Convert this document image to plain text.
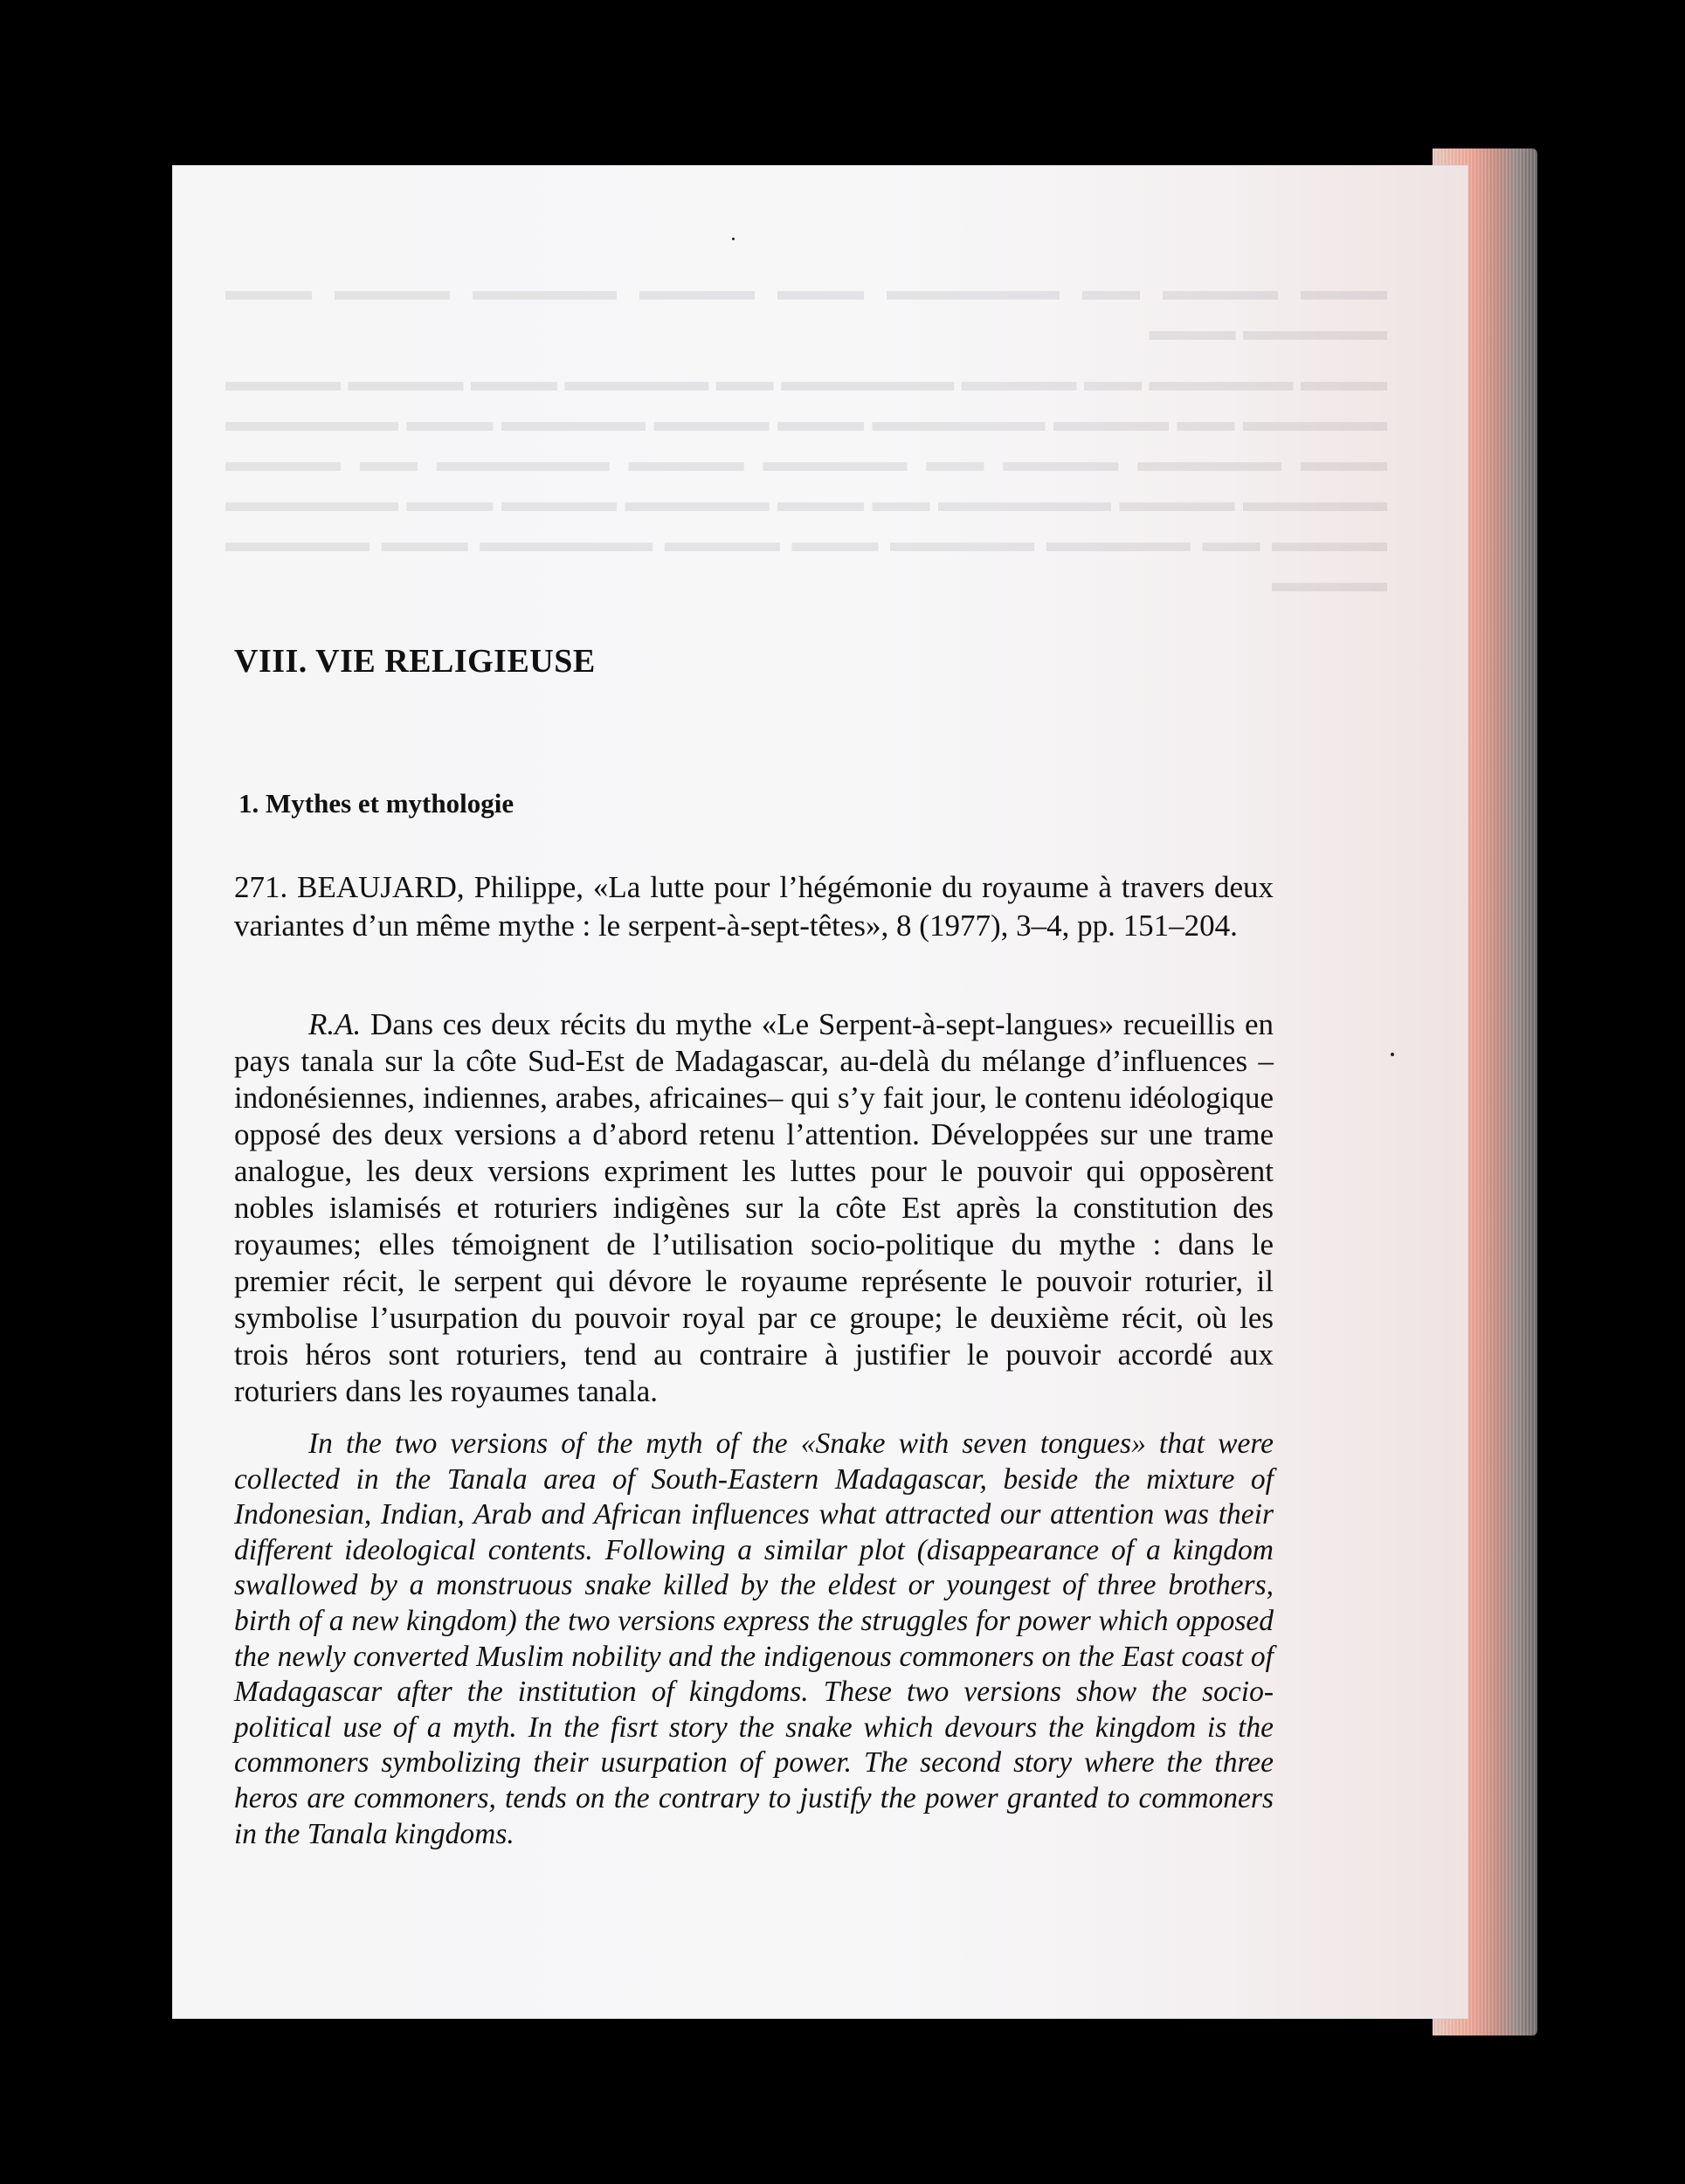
▬▬▬ ▬▬▬▬ ▬▬ ▬▬▬▬▬▬ ▬▬▬ ▬▬▬▬ ▬▬▬▬▬ ▬▬▬▬ ▬▬▬ ▬▬▬▬▬ ▬▬▬

▬▬▬ ▬▬▬▬▬ ▬▬ ▬▬▬▬ ▬▬▬▬▬▬ ▬▬ ▬▬▬▬▬ ▬▬▬ ▬▬▬▬ ▬▬▬▬ ▬▬▬▬▬ ▬▬ ▬▬▬▬ ▬▬▬▬▬▬ ▬▬▬ ▬▬▬▬ ▬▬▬▬▬ ▬▬▬ ▬▬▬▬▬▬ ▬▬▬ ▬▬▬▬▬ ▬▬▬▬ ▬▬ ▬▬▬▬▬ ▬▬▬▬ ▬▬▬▬▬▬ ▬▬ ▬▬▬▬ ▬▬▬▬▬ ▬▬▬▬ ▬▬▬▬▬▬ ▬▬ ▬▬▬ ▬▬▬▬▬ ▬▬▬▬ ▬▬▬ ▬▬▬▬▬▬ ▬▬▬▬ ▬▬ ▬▬▬▬▬ ▬▬▬▬▬ ▬▬▬ ▬▬▬▬ ▬▬▬▬▬▬ ▬▬▬ ▬▬▬▬▬ ▬▬▬▬

VIII. VIE RELIGIEUSE
1. Mythes et mythologie

271. BEAUJARD, Philippe, «La lutte pour l’hégémonie du royaume à travers deux variantes d’un même mythe : le serpent-à-sept-têtes», 8 (1977), 3–4, pp. 151–204.

R.A. Dans ces deux récits du mythe «Le Serpent-à-sept-langues» recueillis en pays tanala sur la côte Sud-Est de Madagascar, au-delà du mélange d’influences –indonésiennes, indiennes, arabes, africaines– qui s’y fait jour, le contenu idéologique opposé des deux versions a d’abord retenu l’attention. Développées sur une trame analogue, les deux versions expriment les luttes pour le pouvoir qui opposèrent nobles islamisés et roturiers indigènes sur la côte Est après la constitution des royaumes; elles témoignent de l’utilisation socio-politique du mythe : dans le premier récit, le serpent qui dévore le royaume représente le pouvoir roturier, il symbolise l’usurpation du pouvoir royal par ce groupe; le deuxième récit, où les trois héros sont roturiers, tend au contraire à justifier le pouvoir accordé aux roturiers dans les royaumes tanala.

In the two versions of the myth of the «Snake with seven tongues» that were collected in the Tanala area of South-Eastern Madagascar, beside the mixture of Indonesian, Indian, Arab and African influences what attracted our attention was their different ideological contents. Following a similar plot (disappearance of a kingdom swallowed by a monstruous snake killed by the eldest or youngest of three brothers, birth of a new kingdom) the two versions express the struggles for power which opposed the newly converted Muslim nobility and the indigenous commoners on the East coast of Madagascar after the institution of kingdoms. These two versions show the socio-political use of a myth. In the fisrt story the snake which devours the kingdom is the commoners symbolizing their usurpation of power. The second story where the three heros are commoners, tends on the contrary to justify the power granted to commoners in the Tanala kingdoms.
